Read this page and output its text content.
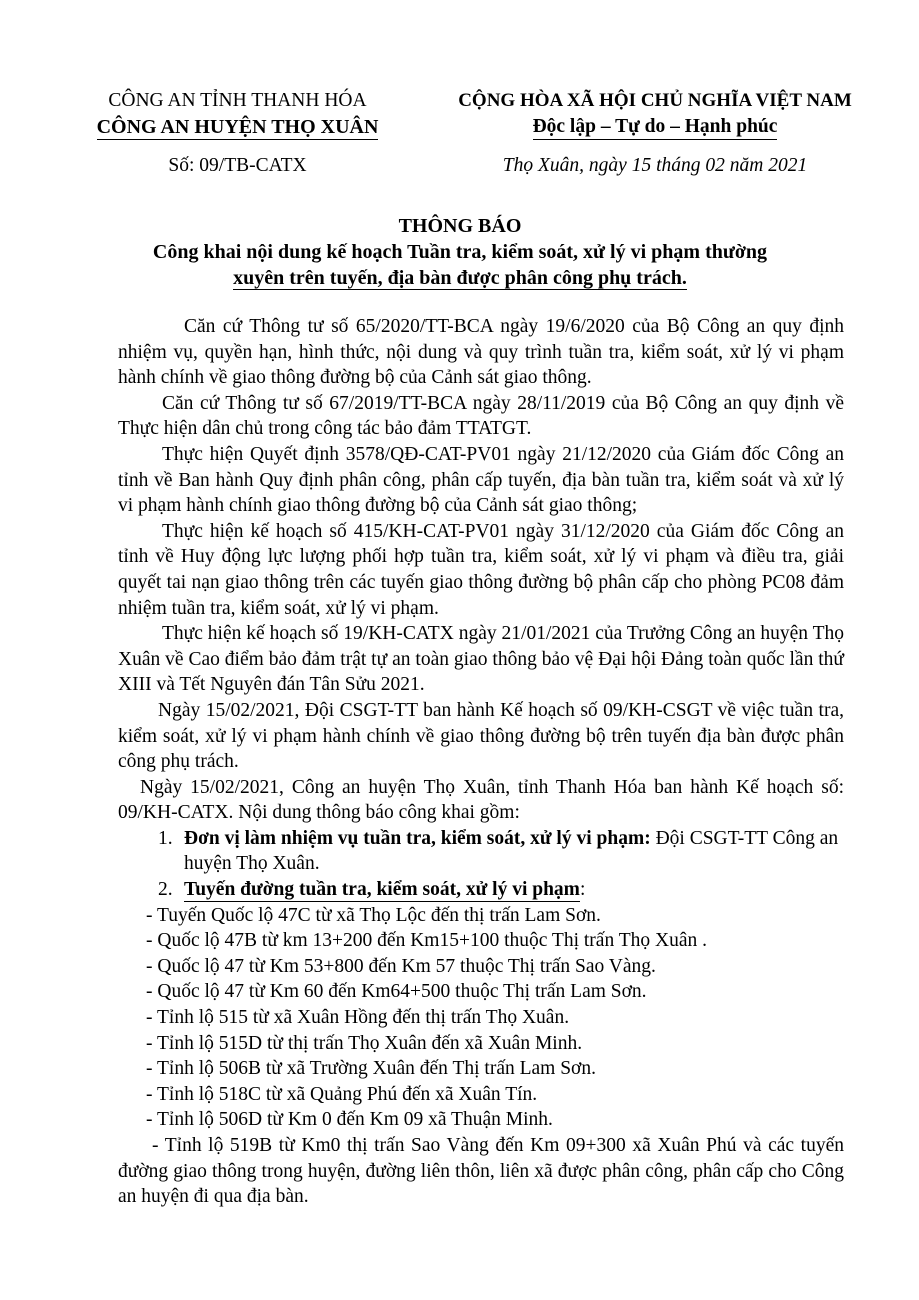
CÔNG AN TỈNH THANH HÓA
CÔNG AN HUYỆN THỌ XUÂN
CỘNG HÒA XÃ HỘI CHỦ NGHĨA VIỆT NAM
Độc lập – Tự do – Hạnh phúc
Số: 09/TB-CATX	Thọ Xuân, ngày 15 tháng 02 năm 2021
THÔNG BÁO
Công khai nội dung kế hoạch Tuần tra, kiểm soát, xử lý vi phạm thường
xuyên trên tuyến, địa bàn được phân công phụ trách.

Căn cứ Thông tư số 65/2020/TT-BCA ngày 19/6/2020 của Bộ Công an quy định nhiệm vụ, quyền hạn, hình thức, nội dung và quy trình tuần tra, kiểm soát, xử lý vi phạm hành chính về giao thông đường bộ của Cảnh sát giao thông.

Căn cứ Thông tư số 67/2019/TT-BCA ngày 28/11/2019 của Bộ Công an quy định về Thực hiện dân chủ trong công tác bảo đảm TTATGT.

Thực hiện Quyết định 3578/QĐ-CAT-PV01 ngày 21/12/2020 của Giám đốc Công an tỉnh về Ban hành Quy định phân công, phân cấp tuyến, địa bàn tuần tra, kiểm soát và xử lý vi phạm hành chính giao thông đường bộ của Cảnh sát giao thông;

Thực hiện kế hoạch số 415/KH-CAT-PV01 ngày 31/12/2020 của Giám đốc Công an tỉnh về Huy động lực lượng phối hợp tuần tra, kiểm soát, xử lý vi phạm và điều tra, giải quyết tai nạn giao thông trên các tuyến giao thông đường bộ phân cấp cho phòng PC08 đảm nhiệm tuần tra, kiểm soát, xử lý vi phạm.

Thực hiện kế hoạch số 19/KH-CATX ngày 21/01/2021 của Trưởng Công an huyện Thọ Xuân về Cao điểm bảo đảm trật tự an toàn giao thông bảo vệ Đại hội Đảng toàn quốc lần thứ XIII và Tết Nguyên đán Tân Sửu 2021.

Ngày 15/02/2021, Đội CSGT-TT ban hành Kế hoạch số 09/KH-CSGT về việc tuần tra, kiểm soát, xử lý vi phạm hành chính về giao thông đường bộ trên tuyến địa bàn được phân công phụ trách.

Ngày 15/02/2021, Công an huyện Thọ Xuân, tỉnh Thanh Hóa ban hành Kế hoạch số: 09/KH-CATX. Nội dung thông báo công khai gồm:

1. Đơn vị làm nhiệm vụ tuần tra, kiểm soát, xử lý vi phạm: Đội CSGT-TT Công an huyện Thọ Xuân.

2. Tuyến đường tuần tra, kiểm soát, xử lý vi phạm:

- Tuyến Quốc lộ 47C từ xã Thọ Lộc đến thị trấn Lam Sơn.

- Quốc lộ 47B từ km 13+200 đến Km15+100 thuộc Thị trấn Thọ Xuân .

- Quốc lộ 47 từ Km 53+800 đến Km 57 thuộc Thị trấn Sao Vàng.

- Quốc lộ 47 từ Km 60 đến Km64+500 thuộc Thị trấn Lam Sơn.

- Tỉnh lộ 515 từ xã Xuân Hồng đến thị trấn Thọ Xuân.

- Tỉnh lộ 515D từ thị trấn Thọ Xuân đến xã Xuân Minh.

- Tỉnh lộ 506B từ xã Trường Xuân đến Thị trấn Lam Sơn.

- Tỉnh lộ 518C từ xã Quảng Phú đến xã Xuân Tín.

- Tỉnh lộ 506D từ Km 0 đến Km 09 xã Thuận Minh.

- Tỉnh lộ 519B từ Km0 thị trấn Sao Vàng đến Km 09+300 xã Xuân Phú và các tuyến đường giao thông trong huyện, đường liên thôn, liên xã được phân công, phân cấp cho Công an huyện đi qua địa bàn.
